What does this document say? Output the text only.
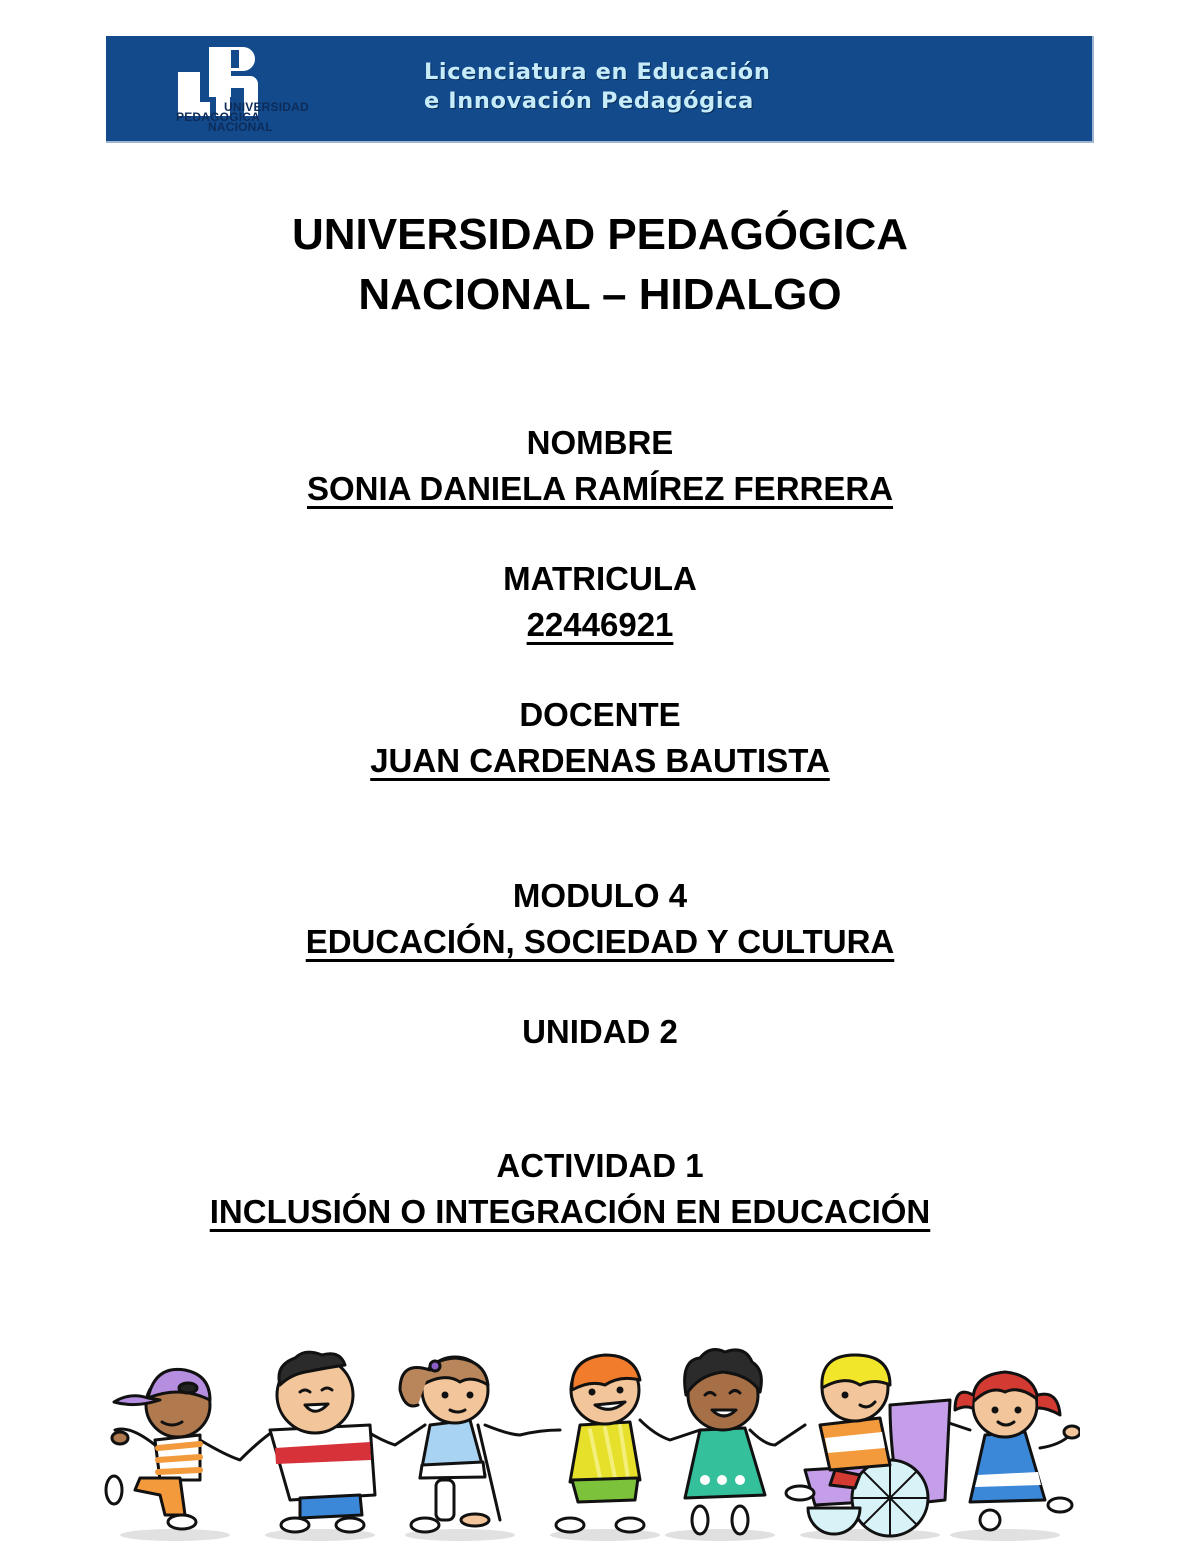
UNIVERSIDAD
PEDAGOGICA
NACIONAL
Licenciatura en Educación
e Innovación Pedagógica
UNIVERSIDAD PEDAGÓGICA
NACIONAL – HIDALGO
NOMBRE
SONIA DANIELA RAMÍREZ FERRERA
MATRICULA
22446921
DOCENTE
JUAN CARDENAS BAUTISTA
MODULO 4
EDUCACIÓN, SOCIEDAD Y CULTURA
UNIDAD 2
ACTIVIDAD 1
INCLUSIÓN O INTEGRACIÓN EN EDUCACIÓN
